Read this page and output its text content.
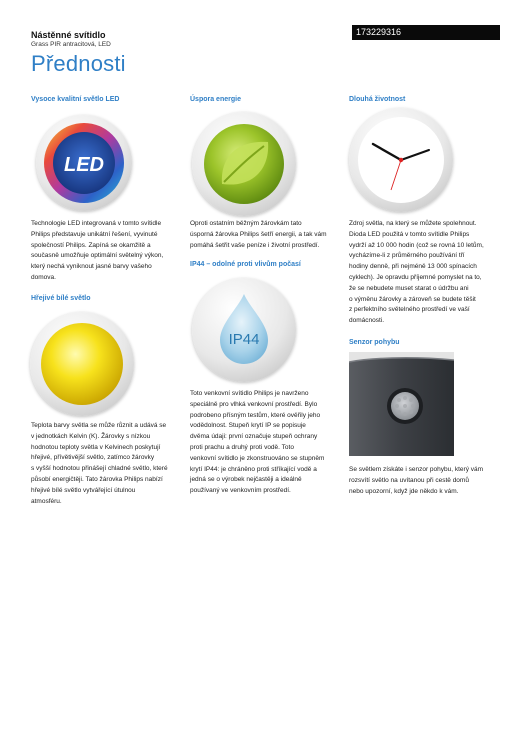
Nástěnné svítidlo
Grass PIR antracitová, LED
173229316
Přednosti
Vysoce kvalitní světlo LED
LED
Technologie LED integrovaná v tomto svítidle
Philips představuje unikátní řešení, vyvinuté
společností Philips. Zapíná se okamžitě a
současně umožňuje optimální světelný výkon,
který nechá vyniknout jasné barvy vašeho
domova.
Hřejivé bílé světlo
Teplota barvy světla se může různit a udává se
v jednotkách Kelvin (K). Žárovky s nízkou
hodnotou teploty světla v Kelvinech poskytují
hřejivé, přívětivější světlo, zatímco žárovky
s vyšší hodnotou přinášejí chladné světlo, které
působí energičtěji. Tato žárovka Philips nabízí
hřejivé bílé světlo vytvářející útulnou
atmosféru.
Úspora energie
Oproti ostatním běžným žárovkám tato
úsporná žárovka Philips šetří energii, a tak vám
pomáhá šetřit vaše peníze i životní prostředí.
IP44 – odolné proti vlivům počasí
IP44
Toto venkovní svítidlo Philips je navrženo
speciálně pro vlhká venkovní prostředí. Bylo
podrobeno přísným testům, které ověřily jeho
vodědolnost. Stupeň krytí IP se popisuje
dvěma údaji: první označuje stupeň ochrany
proti prachu a druhý proti vodě. Toto
venkovní svítidlo je zkonstruováno se stupněm
krytí IP44: je chráněno proti stříkající vodě a
jedná se o výrobek nejčastěji a ideálně
používaný ve venkovním prostředí.
Dlouhá životnost
Zdroj světla, na který se můžete spolehnout.
Dioda LED použitá v tomto svítidle Philips
vydrží až 10 000 hodin (což se rovná 10 letům,
vycházíme-li z průměrného používání tří
hodiny denně, při nejméně 13 000 spínacích
cyklech). Je opravdu příjemné pomyslet na to,
že se nebudete muset starat o údržbu ani
o výměnu žárovky a zároveň se budete těšit
z perfektního světelného prostředí ve vaší
domácnosti.
Senzor pohybu
Se světlem získáte i senzor pohybu, který vám
rozsvítí světlo na uvítanou při cestě domů
nebo upozorní, když jde někdo k vám.
